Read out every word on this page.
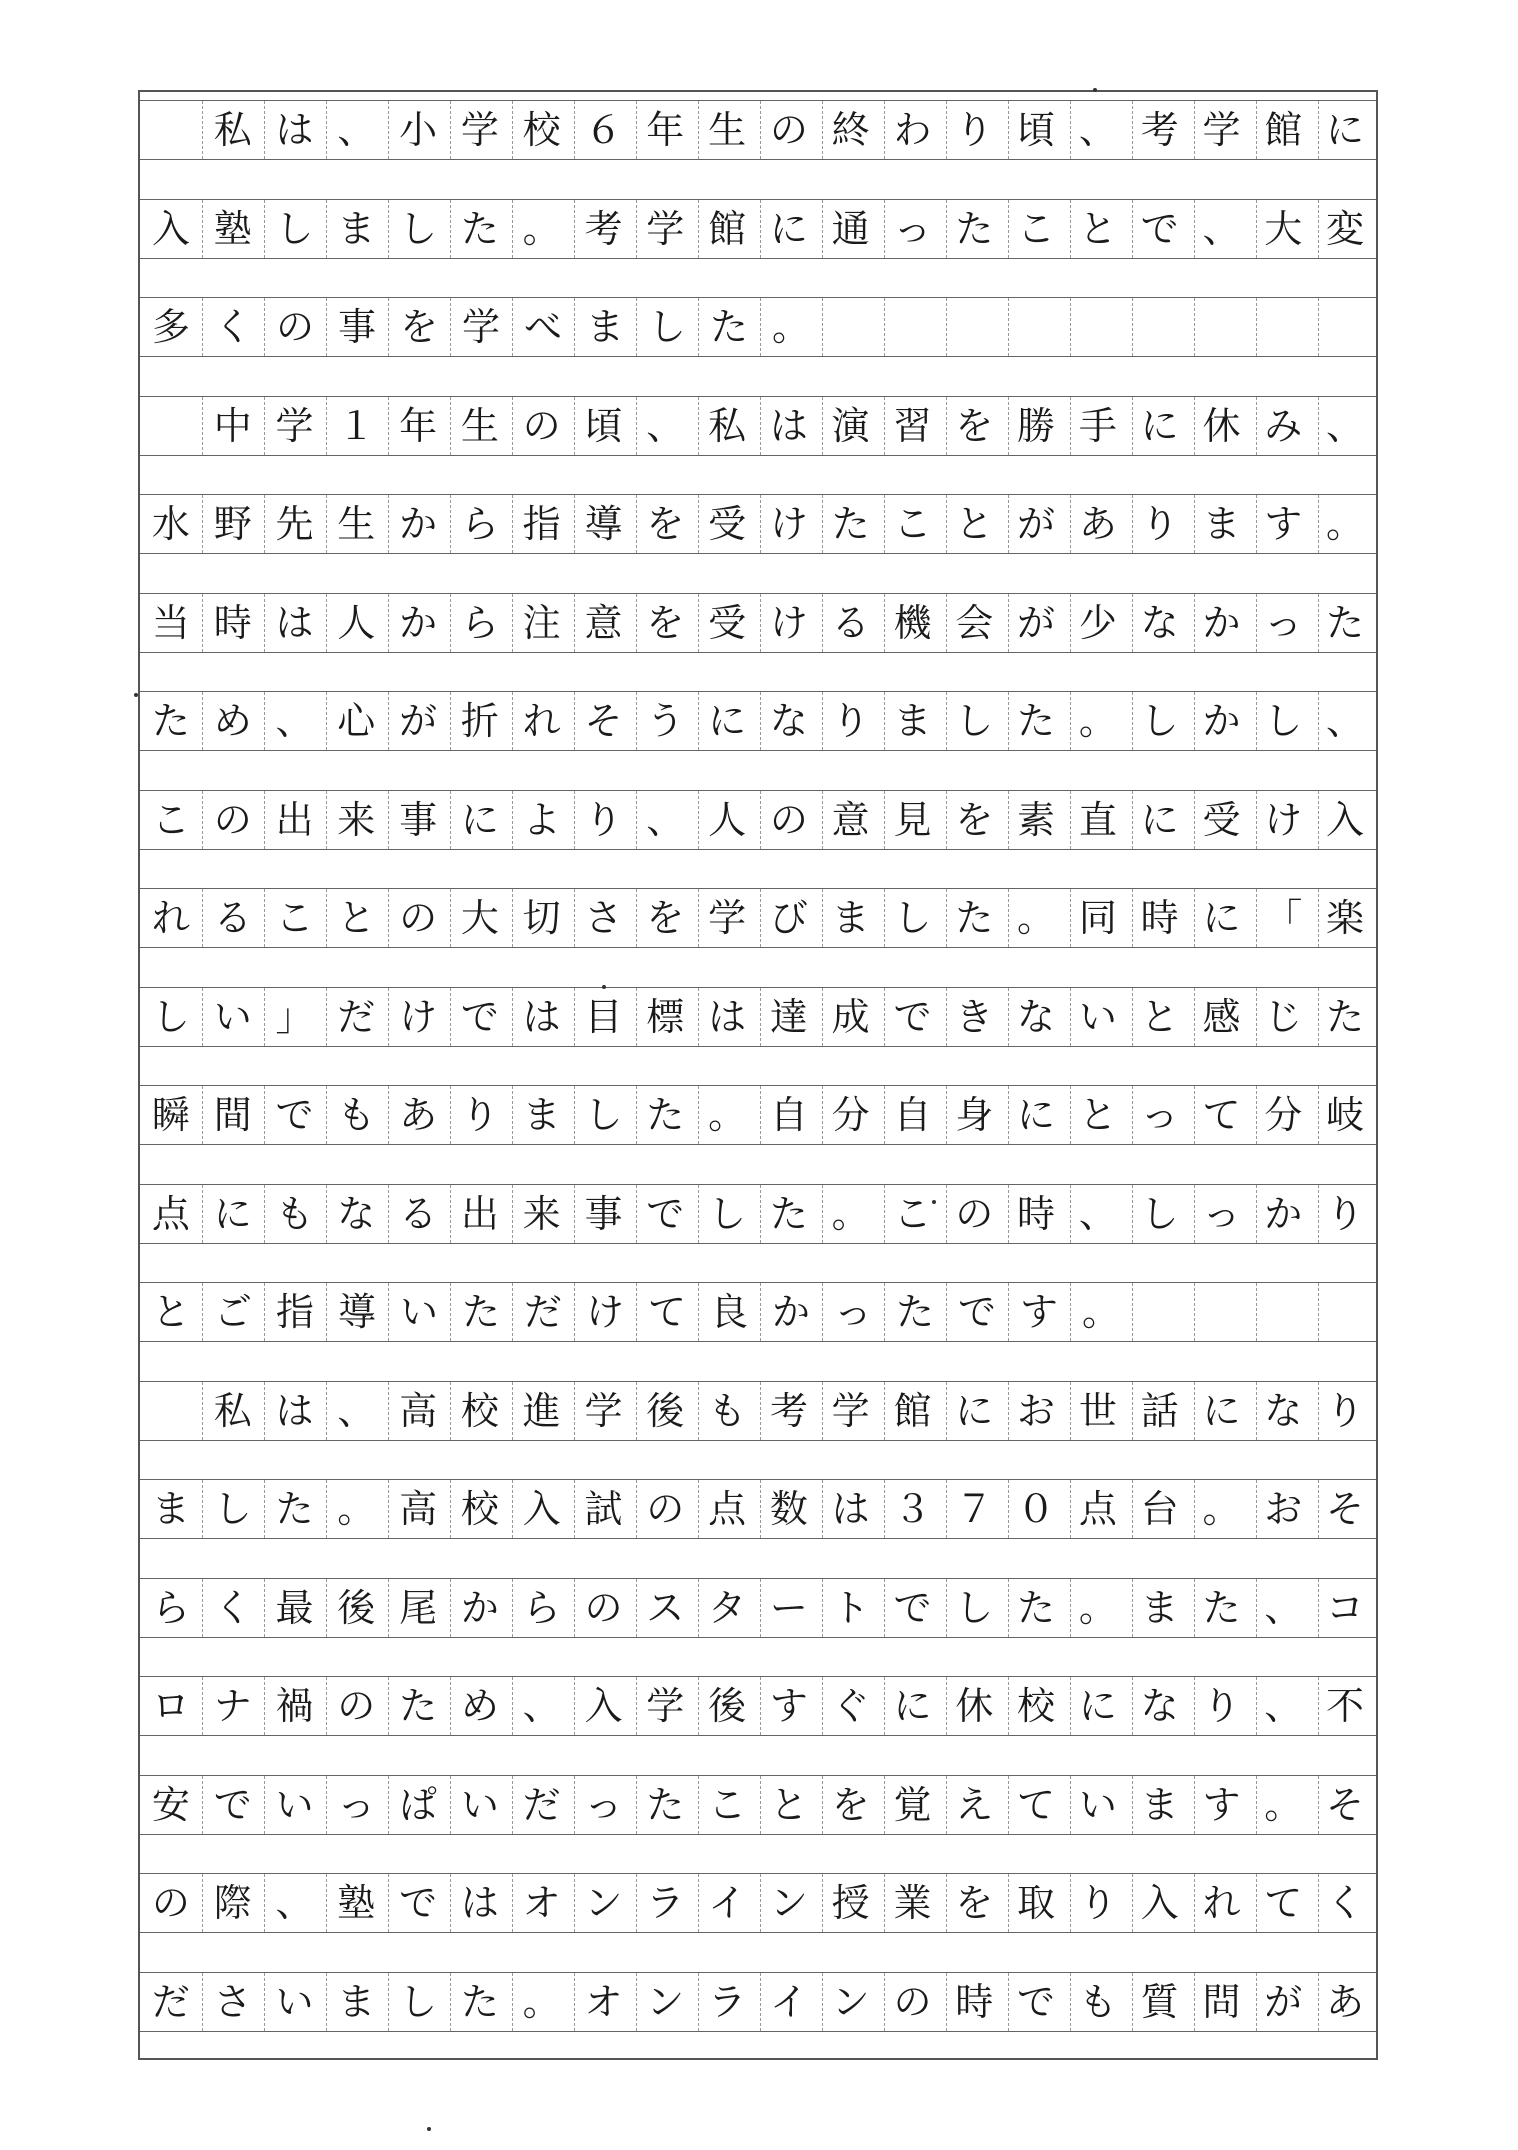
私 は 、 小 学 校 ６ 年 生 の 終 わ り 頃 、 考 学 館 に
入 塾 し ま し た 。 考 学 館 に 通 っ た こ と で 、 大 変
多 く の 事 を 学 べ ま し た 。

中 学 １ 年 生 の 頃 、 私 は 演 習 を 勝 手 に 休 み 、
水 野 先 生 か ら 指 導 を 受 け た こ と が あ り ま す 。
当 時 は 人 か ら 注 意 を 受 け る 機 会 が 少 な か っ た
た め 、 心 が 折 れ そ う に な り ま し た 。 し か し 、
こ の 出 来 事 に よ り 、 人 の 意 見 を 素 直 に 受 け 入
れ る こ と の 大 切 さ を 学 び ま し た 。 同 時 に 「 楽
し い 」 だ け で は 目 標 は 達 成 で き な い と 感 じ た
瞬 間 で も あ り ま し た 。 自 分 自 身 に と っ て 分 岐
点 に も な る 出 来 事 で し た 。 こ の 時 、 し っ か り
と ご 指 導 い た だ け て 良 か っ た で す 。

私 は 、 高 校 進 学 後 も 考 学 館 に お 世 話 に な り
ま し た 。 高 校 入 試 の 点 数 は ３ ７ ０ 点 台 。 お そ
ら く 最 後 尾 か ら の ス タ ー ト で し た 。 ま た 、 コ
ロ ナ 禍 の た め 、 入 学 後 す ぐ に 休 校 に な り 、 不
安 で い っ ぱ い だ っ た こ と を 覚 え て い ま す 。 そ
の 際 、 塾 で は オ ン ラ イ ン 授 業 を 取 り 入 れ て く
だ さ い ま し た 。 オ ン ラ イ ン の 時 で も 質 問 が あ
